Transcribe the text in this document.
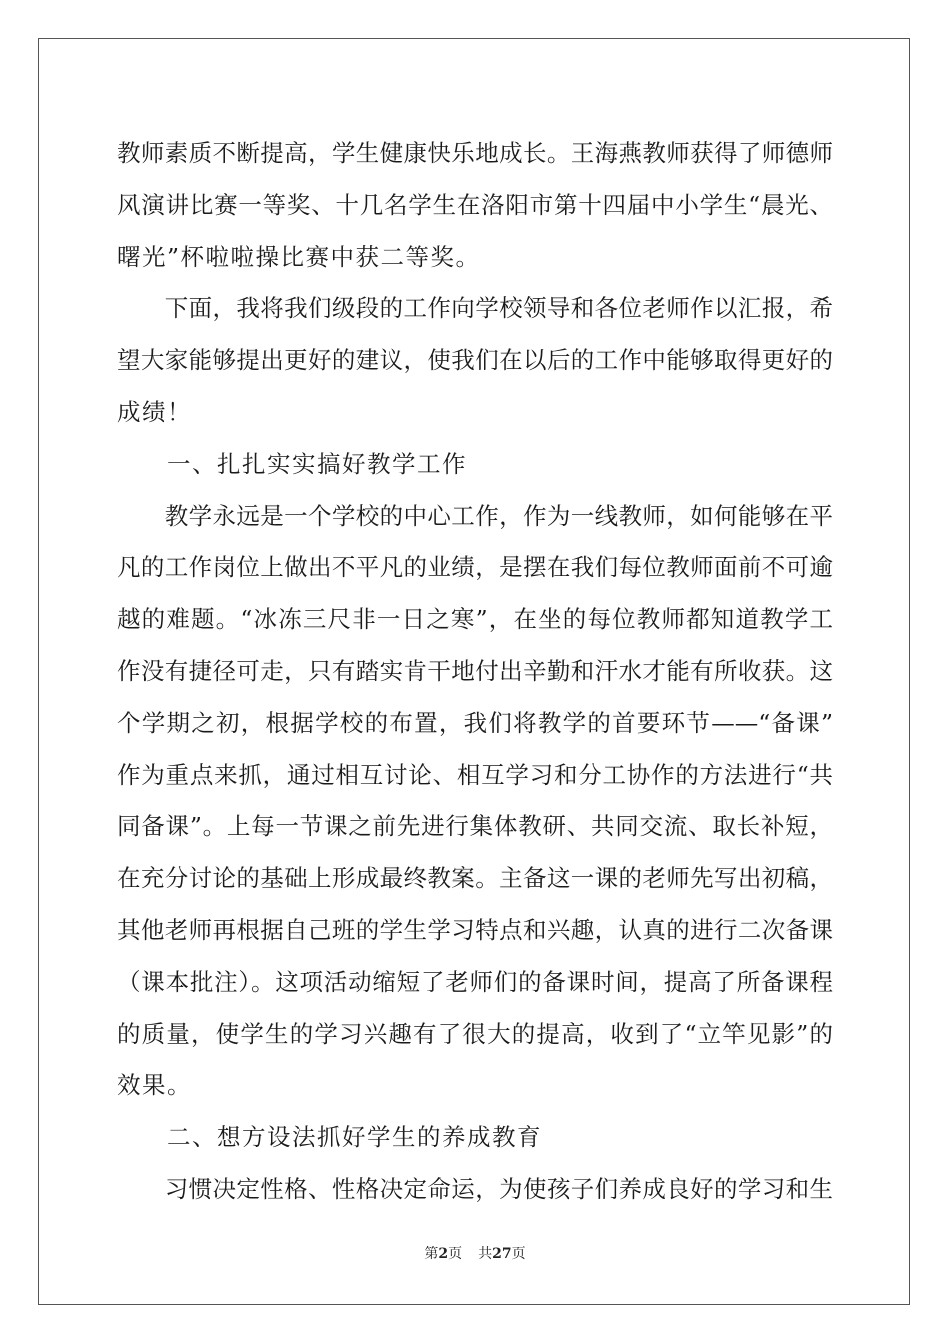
教师素质不断提高，学生健康快乐地成长。王海燕教师获得了师德师
风演讲比赛一等奖、十几名学生在洛阳市第十四届中小学生“晨光、
曙光”杯啦啦操比赛中获二等奖。
　　下面，我将我们级段的工作向学校领导和各位老师作以汇报，希
望大家能够提出更好的建议，使我们在以后的工作中能够取得更好的
成绩！
　　一、扎扎实实搞好教学工作
　　教学永远是一个学校的中心工作，作为一线教师，如何能够在平
凡的工作岗位上做出不平凡的业绩，是摆在我们每位教师面前不可逾
越的难题。“冰冻三尺非一日之寒”，在坐的每位教师都知道教学工
作没有捷径可走，只有踏实肯干地付出辛勤和汗水才能有所收获。这
个学期之初，根据学校的布置，我们将教学的首要环节——“备课”
作为重点来抓，通过相互讨论、相互学习和分工协作的方法进行“共
同备课”。上每一节课之前先进行集体教研、共同交流、取长补短，
在充分讨论的基础上形成最终教案。主备这一课的老师先写出初稿，
其他老师再根据自己班的学生学习特点和兴趣，认真的进行二次备课
（课本批注）。这项活动缩短了老师们的备课时间，提高了所备课程
的质量，使学生的学习兴趣有了很大的提高，收到了“立竿见影”的
效果。
　　二、想方设法抓好学生的养成教育
　　习惯决定性格、性格决定命运，为使孩子们养成良好的学习和生
第2页 共27页
